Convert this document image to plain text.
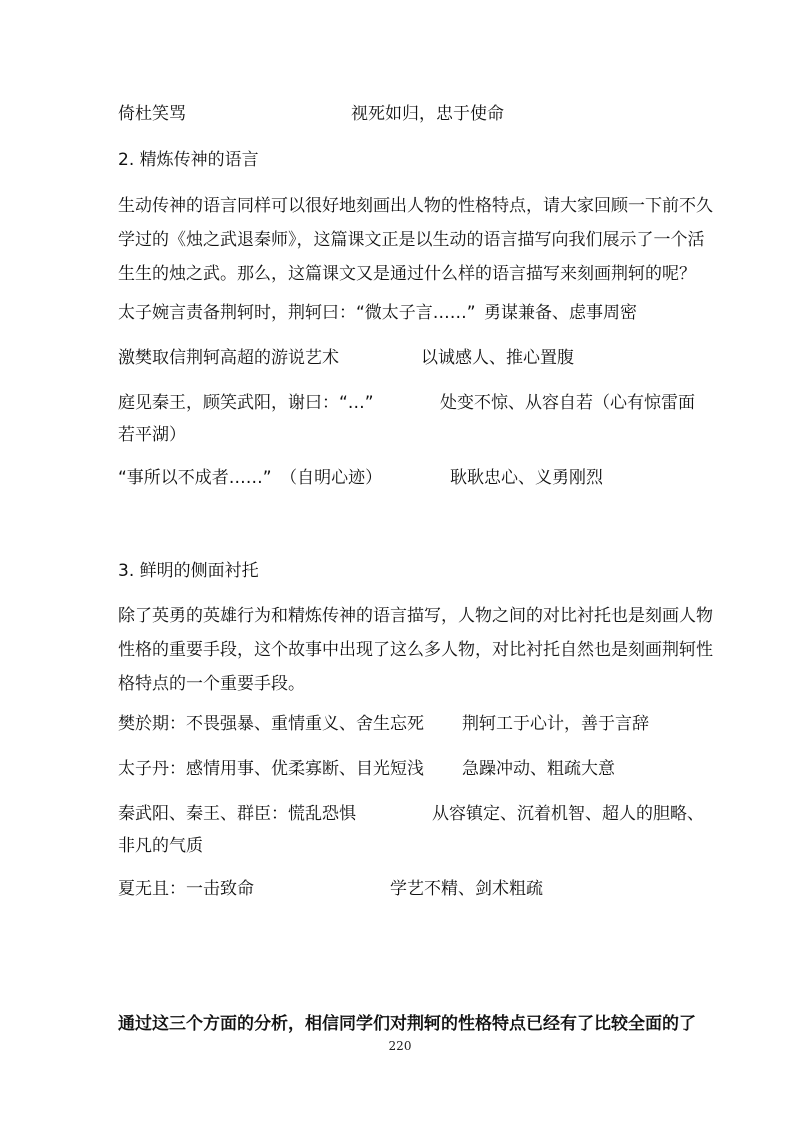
倚杜笑骂	视死如归，忠于使命
2. 精炼传神的语言
生动传神的语言同样可以很好地刻画出人物的性格特点，请大家回顾一下前不久
学过的《烛之武退秦师》，这篇课文正是以生动的语言描写向我们展示了一个活
生生的烛之武。那么，这篇课文又是通过什么样的语言描写来刻画荆轲的呢？
太子婉言责备荆轲时，荆轲曰：“微太子言……” 勇谋兼备、虑事周密
激樊取信荆轲高超的游说艺术	以诚感人、推心置腹
庭见秦王，顾笑武阳，谢曰：“…”	处变不惊、从容自若（心有惊雷面
若平湖）
“事所以不成者……”　（自明心迹）	耿耿忠心、义勇刚烈
3. 鲜明的侧面衬托
除了英勇的英雄行为和精炼传神的语言描写，人物之间的对比衬托也是刻画人物
性格的重要手段，这个故事中出现了这么多人物，对比衬托自然也是刻画荆轲性
格特点的一个重要手段。
樊於期：不畏强暴、重情重义、舍生忘死 荆轲工于心计，善于言辞
太子丹：感情用事、优柔寡断、目光短浅 急躁冲动、粗疏大意
秦武阳、秦王、群臣：慌乱恐惧	从容镇定、沉着机智、超人的胆略、
非凡的气质
夏无且：一击致命	学艺不精、剑术粗疏
通过这三个方面的分析，相信同学们对荆轲的性格特点已经有了比较全面的了
220
